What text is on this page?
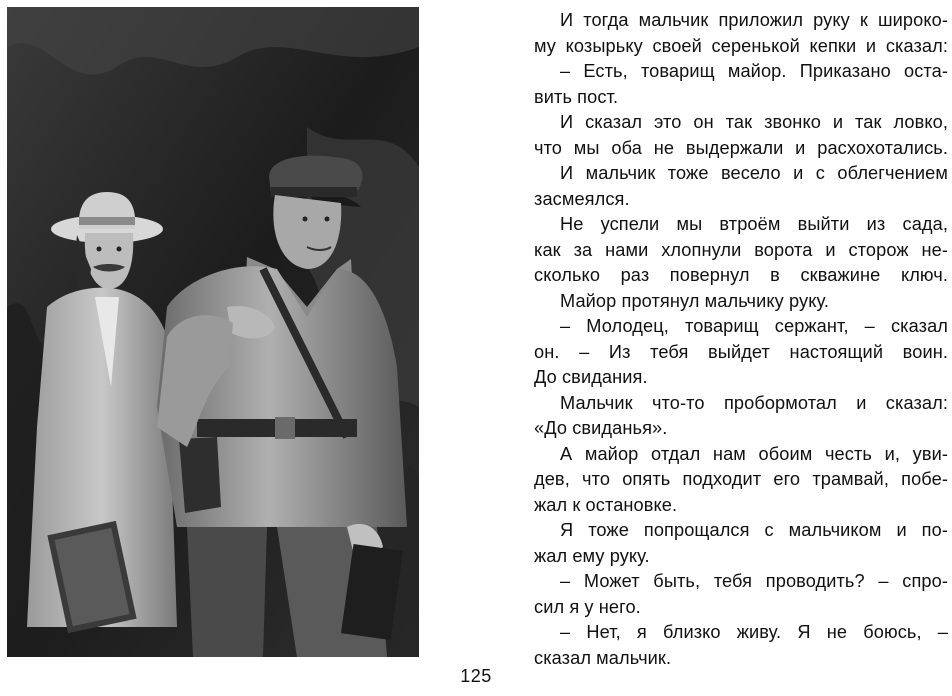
И тогда мальчик приложил руку к широко-
му козырьку своей серенькой кепки и сказал:
– Есть, товарищ майор. Приказано оста-
вить пост.
И сказал это он так звонко и так ловко,
что мы оба не выдержали и расхохотались.
И мальчик тоже весело и с облегчением
засмеялся.
Не успели мы втроём выйти из сада,
как за нами хлопнули ворота и сторож не-
сколько раз повернул в скважине ключ.
Майор протянул мальчику руку.
– Молодец, товарищ сержант, – сказал
он. – Из тебя выйдет настоящий воин.
До свидания.
Мальчик что-то пробормотал и сказал:
«До свиданья».
А майор отдал нам обоим честь и, уви-
дев, что опять подходит его трамвай, побе-
жал к остановке.
Я тоже попрощался с мальчиком и по-
жал ему руку.
– Может быть, тебя проводить? – спро-
сил я у него.
– Нет, я близко живу. Я не боюсь, –
сказал мальчик.
125
